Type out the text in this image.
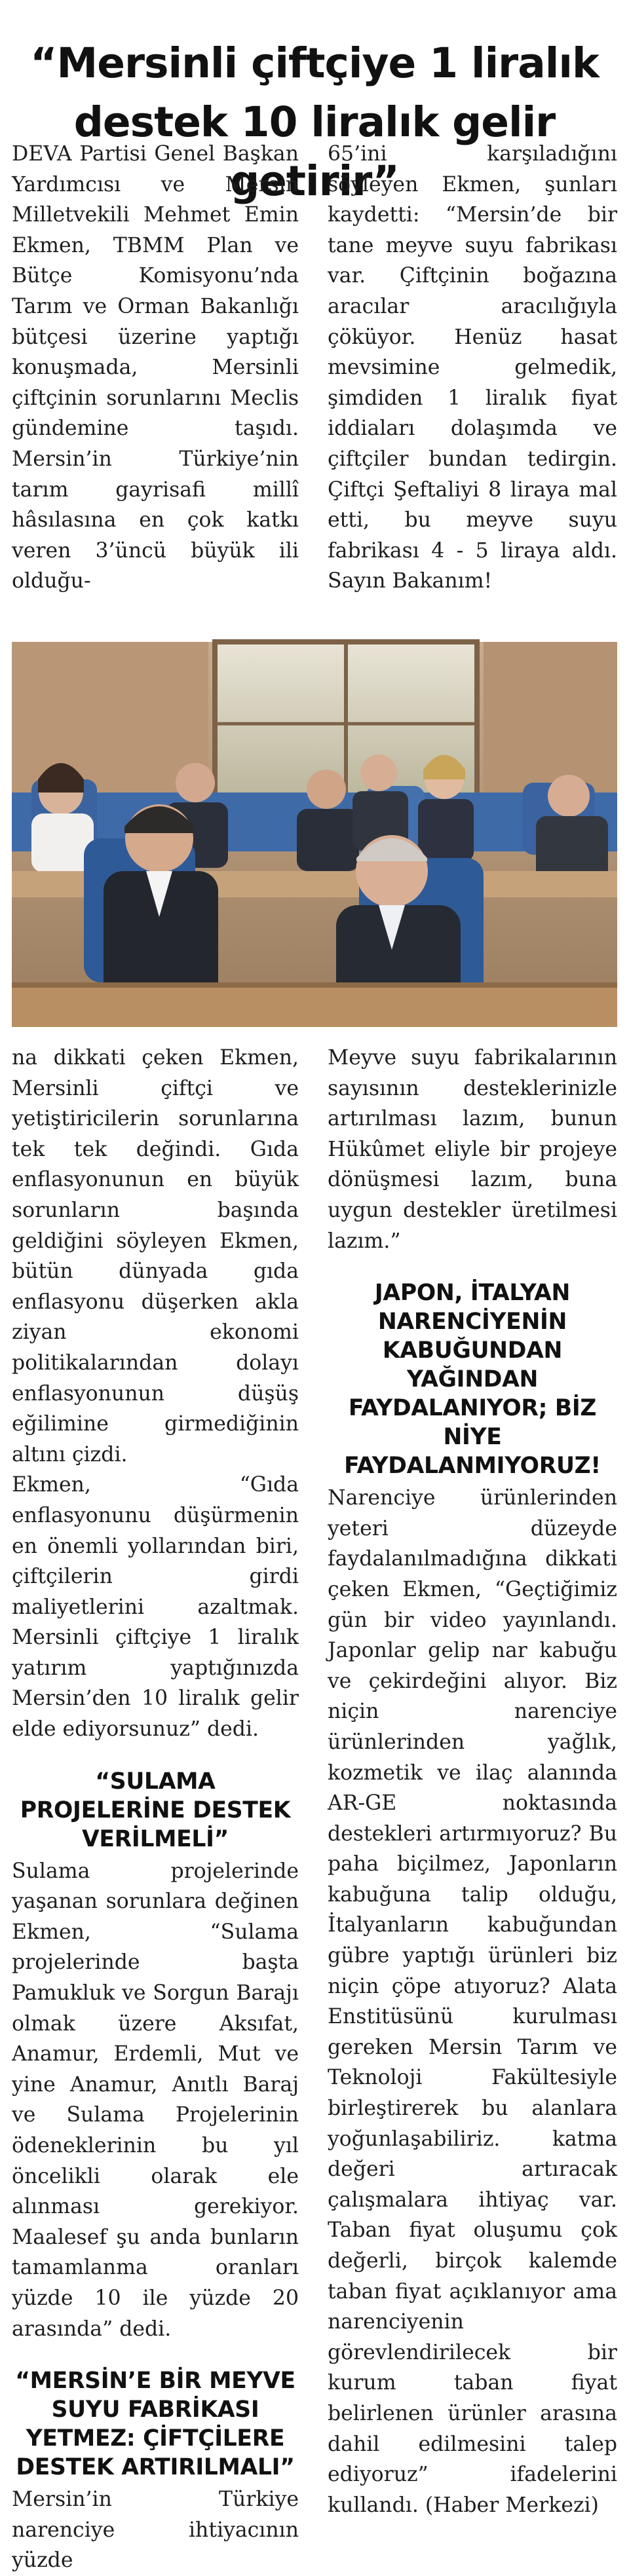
“Mersinli çiftçiye 1 liralık
destek 10 liralık gelir getirir”

DEVA Partisi Genel Başkan Yardımcısı ve Mersin Milletvekili Mehmet Emin Ekmen, TBMM Plan ve Bütçe Komisyonu’nda Tarım ve Orman Bakanlığı bütçesi üzerine yaptığı konuşmada, Mersinli çiftçinin sorunlarını Meclis gündemine taşıdı. Mersin’in Türkiye’nin tarım gayrisafi millî hâsılasına en çok katkı veren 3’üncü büyük ili olduğu-

65’ini karşıladığını söyleyen Ekmen, şunları kaydetti: “Mersin’de bir tane meyve suyu fabrikası var. Çiftçinin boğazına aracılar aracılığıyla çöküyor. Henüz hasat mevsimine gelmedik, şimdiden 1 liralık fiyat iddiaları dolaşımda ve çiftçiler bundan tedirgin. Çiftçi Şeftaliyi 8 liraya mal etti, bu meyve suyu fabrikası 4 - 5 liraya aldı. Sayın Bakanım!

na dikkati çeken Ekmen, Mersinli çiftçi ve yetiştiricilerin sorunlarına tek tek değindi. Gıda enflasyonunun en büyük sorunların başında geldiğini söyleyen Ekmen, bütün dünyada gıda enflasyonu düşerken akla ziyan ekonomi politikalarından dolayı enflasyonunun düşüş eğilimine girmediğinin altını çizdi.

Ekmen, “Gıda enflasyonunu düşürmenin en önemli yollarından biri, çiftçilerin girdi maliyetlerini azaltmak. Mersinli çiftçiye 1 liralık yatırım yaptığınızda Mersin’den 10 liralık gelir elde ediyorsunuz” dedi.

“SULAMA PROJELERİNE DESTEK VERİLMELİ”

Sulama projelerinde yaşanan sorunlara değinen Ekmen, “Sulama projelerinde başta Pamukluk ve Sorgun Barajı olmak üzere Aksıfat, Anamur, Erdemli, Mut ve yine Anamur, Anıtlı Baraj ve Sulama Projelerinin ödeneklerinin bu yıl öncelikli olarak ele alınması gerekiyor. Maalesef şu anda bunların tamamlanma oranları yüzde 10 ile yüzde 20 arasında” dedi.

“MERSİN’E BİR MEYVE SUYU FABRİKASI YETMEZ: ÇİFTÇİLERE DESTEK ARTIRILMALI”

Mersin’in Türkiye narenciye ihtiyacının yüzde

Meyve suyu fabrikalarının sayısının desteklerinizle artırılması lazım, bunun Hükûmet eliyle bir projeye dönüşmesi lazım, buna uygun destekler üretilmesi lazım.”

JAPON, İTALYAN NARENCİYENİN KABUĞUNDAN YAĞINDAN FAYDALANIYOR; BİZ NİYE FAYDALANMIYORUZ!

Narenciye ürünlerinden yeteri düzeyde faydalanılmadığına dikkati çeken Ekmen, “Geçtiğimiz gün bir video yayınlandı. Japonlar gelip nar kabuğu ve çekirdeğini alıyor. Biz niçin narenciye ürünlerinden yağlık, kozmetik ve ilaç alanında AR-GE noktasında destekleri artırmıyoruz? Bu paha biçilmez, Japonların kabuğuna talip olduğu, İtalyanların kabuğundan gübre yaptığı ürünleri biz niçin çöpe atıyoruz? Alata Enstitüsünü kurulması gereken Mersin Tarım ve Teknoloji Fakültesiyle birleştirerek bu alanlara yoğunlaşabiliriz. katma değeri artıracak çalışmalara ihtiyaç var. Taban fiyat oluşumu çok değerli, birçok kalemde taban fiyat açıklanıyor ama narenciyenin görevlendirilecek bir kurum taban fiyat belirlenen ürünler arasına dahil edilmesini talep ediyoruz” ifadelerini kullandı. (Haber Merkezi)
